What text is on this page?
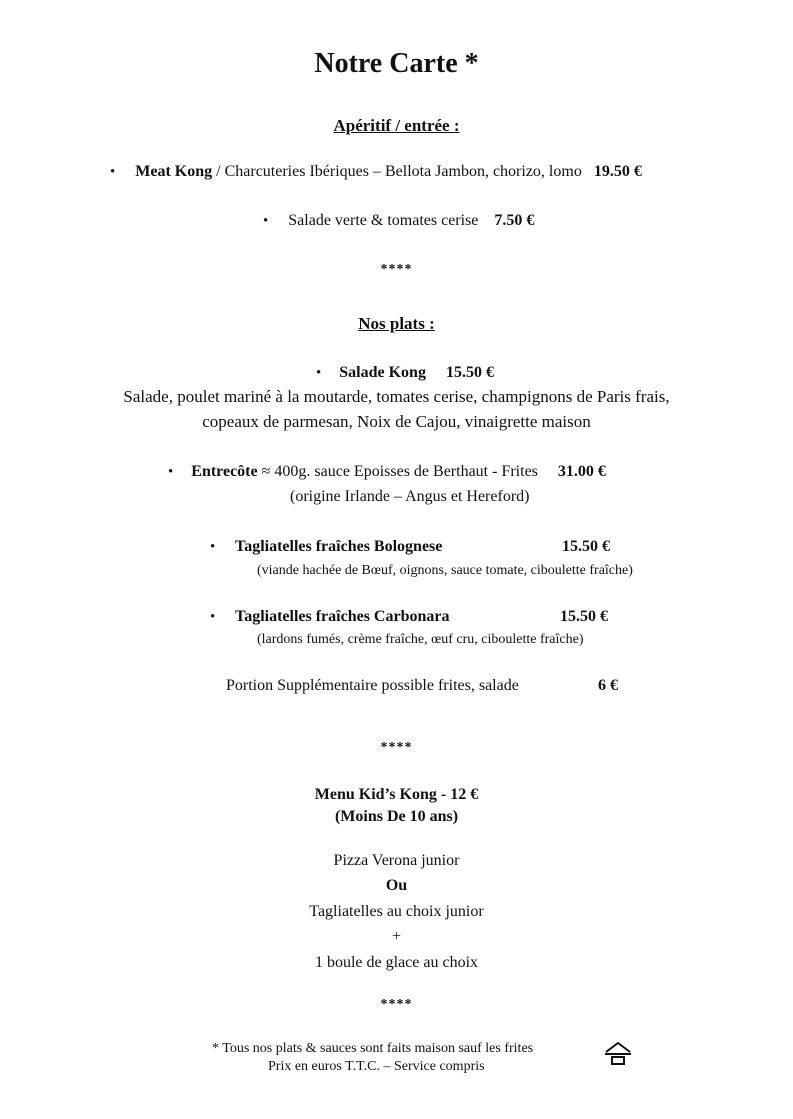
Notre Carte *
Apéritif / entrée :
• Meat Kong / Charcuteries Ibériques – Bellota Jambon, chorizo, lomo 19.50 €
• Salade verte & tomates cerise 7.50 €
****
Nos plats :
• Salade Kong 15.50 €
Salade, poulet mariné à la moutarde, tomates cerise, champignons de Paris frais,
copeaux de parmesan, Noix de Cajou, vinaigrette maison
• Entrecôte ≈ 400g. sauce Epoisses de Berthaut - Frites 31.00 €
(origine Irlande – Angus et Hereford)
• Tagliatelles fraîches Bolognese	15.50 €
(viande hachée de Bœuf, oignons, sauce tomate, ciboulette fraîche)
• Tagliatelles fraîches Carbonara	15.50 €
(lardons fumés, crème fraîche, œuf cru, ciboulette fraîche)
Portion Supplémentaire possible frites, salade	6 €
****
Menu Kid’s Kong - 12 €
(Moins De 10 ans)
Pizza Verona junior
Ou
Tagliatelles au choix junior
+
1 boule de glace au choix
****
* Tous nos plats & sauces sont faits maison sauf les frites
Prix en euros T.T.C. – Service compris
